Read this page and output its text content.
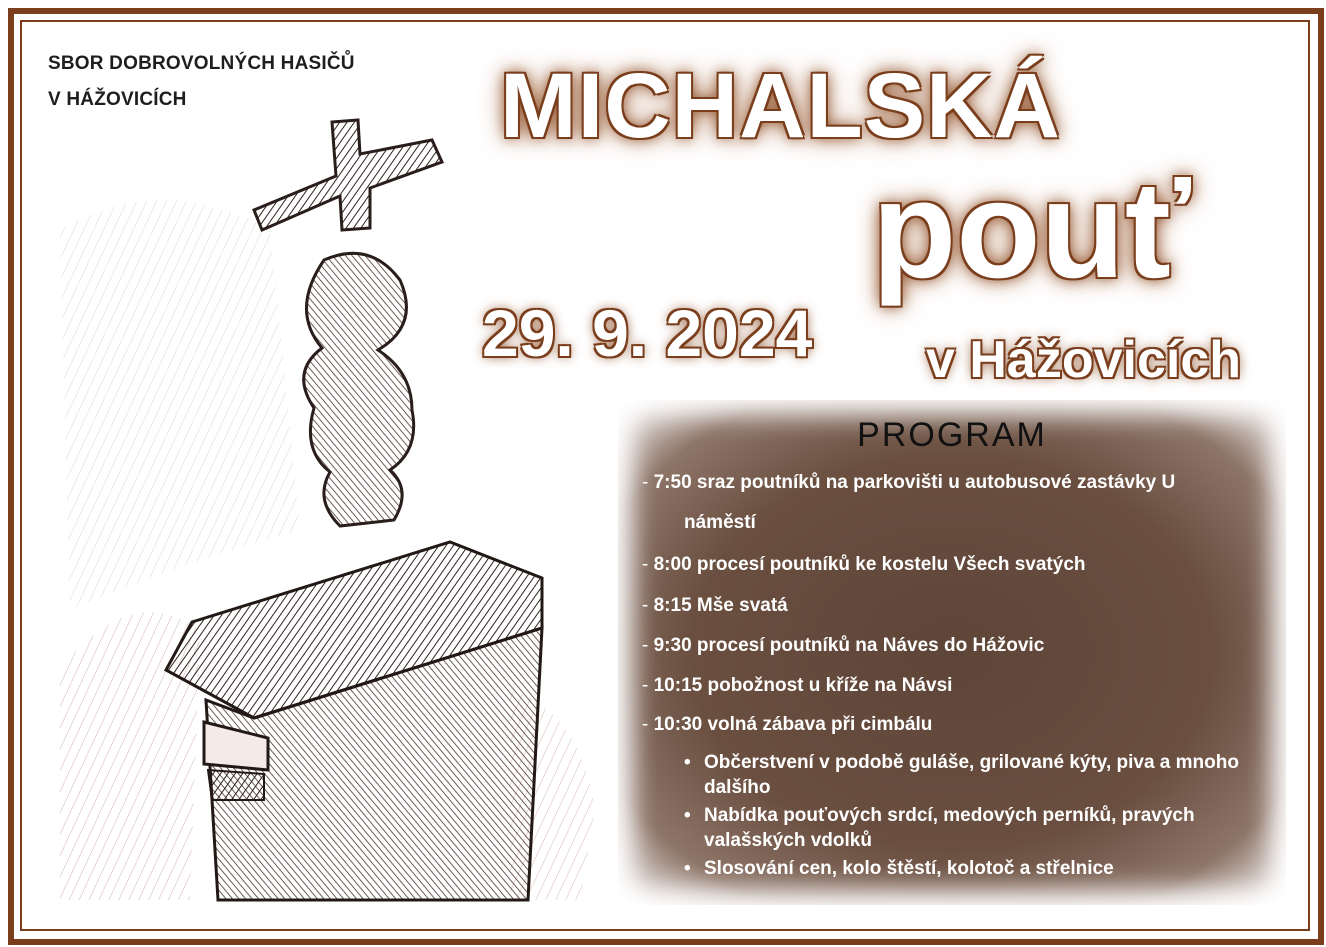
SBOR DOBROVOLNÝCH HASIČŮ
V HÁŽOVICÍCH	MICHALSKÁ
pouť
29. 9. 2024 v Hážovicích
PROGRAM
- 7:50 sraz poutníků na parkovišti u autobusové zastávky U
náměstí
- 8:00 procesí poutníků ke kostelu Všech svatých
- 8:15 Mše svatá
- 9:30 procesí poutníků na Náves do Hážovic
- 10:15 pobožnost u kříže na Návsi
- 10:30 volná zábava při cimbálu
• Občerstvení v podobě guláše, grilované kýty, piva a mnoho dalšího
• Nabídka pouťových srdcí, medových perníků, pravých valašských vdolků
• Slosování cen, kolo štěstí, kolotoč a střelnice
